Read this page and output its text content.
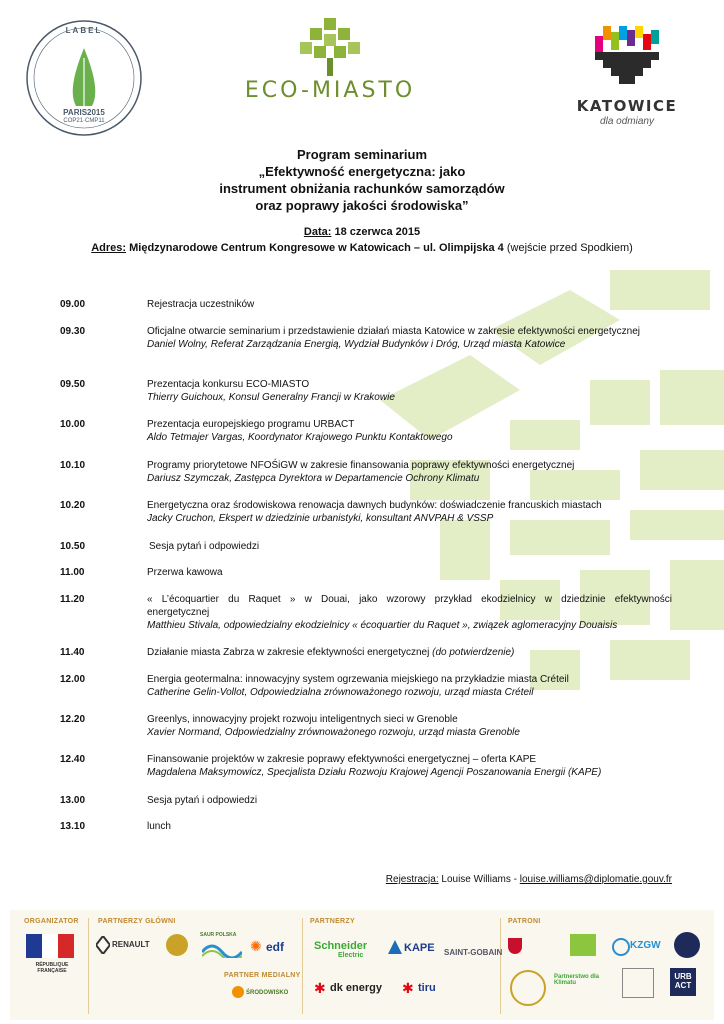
LABEL
PARIS2015
COP21·CMP11
ECO-MIASTO
KATOWICE
dla odmiany
Program seminarium
„Efektywność energetyczna: jako
instrument obniżania rachunków samorządów
oraz poprawy jakości środowiska”
Data: 18 czerwca 2015
Adres: Międzynarodowe Centrum Kongresowe w Katowicach – ul. Olimpijska 4 (wejście przed Spodkiem)
09.00	Rejestracja uczestników
09.30	Oficjalne otwarcie seminarium i przedstawienie działań miasta Katowice w zakresie efektywności energetycznej
Daniel Wolny, Referat Zarządzania Energią, Wydział Budynków i Dróg, Urząd miasta Katowice
09.50	Prezentacja konkursu ECO-MIASTO
Thierry Guichoux, Konsul Generalny Francji w Krakowie
10.00	Prezentacja europejskiego programu URBACT
Aldo Tetmajer Vargas, Koordynator Krajowego Punktu Kontaktowego
10.10	Programy priorytetowe NFOŚiGW w zakresie finansowania poprawy efektywności energetycznej
Dariusz Szymczak, Zastępca Dyrektora w Departamencie Ochrony Klimatu
10.20	Energetyczna oraz środowiskowa renowacja dawnych budynków: doświadczenie francuskich miastach
Jacky Cruchon, Ekspert w dziedzinie urbanistyki, konsultant ANVPAH & VSSP
10.50	Sesja pytań i odpowiedzi
11.00	Przerwa kawowa
11.20	« L’écoquartier du Raquet » w Douai, jako wzorowy przykład ekodzielnicy w dziedzinie efektywności
energetycznej
Matthieu Stivala, odpowiedzialny ekodzielnicy « écoquartier du Raquet », związek aglomeracyjny Douaisis
11.40	Działanie miasta Zabrza w zakresie efektywności energetycznej (do potwierdzenie)
12.00	Energia geotermalna: innowacyjny system ogrzewania miejskiego na przykładzie miasta Créteil
Catherine Gelin-Vollot, Odpowiedzialna zrównoważonego rozwoju, urząd miasta Créteil
12.20	Greenlys, innowacyjny projekt rozwoju inteligentnych sieci w Grenoble
Xavier Normand, Odpowiedzialny zrównoważonego rozwoju, urząd miasta Grenoble
12.40	Finansowanie projektów w zakresie poprawy efektywności energetycznej – oferta KAPE
Magdalena Maksymowicz, Specjalista Działu Rozwoju Krajowej Agencji Poszanowania Energii (KAPE)
13.00	Sesja pytań i odpowiedzi
13.10	lunch
Rejestracja: Louise Williams - louise.williams@diplomatie.gouv.fr
ORGANIZATOR	PARTNERZY GŁÓWNI	PARTNERZY	PATRONI
PARTNER MEDIALNY
RÉPUBLIQUE FRANÇAISE
RENAULT
SAUR POLSKA
✺ edf
ŚRODOWISKO
Schneider
Electric
KAPE SAINT-GOBAIN
✱ dk energy ✱ tiru
KZGW
Partnerstwo dla Klimatu
URB ACT
